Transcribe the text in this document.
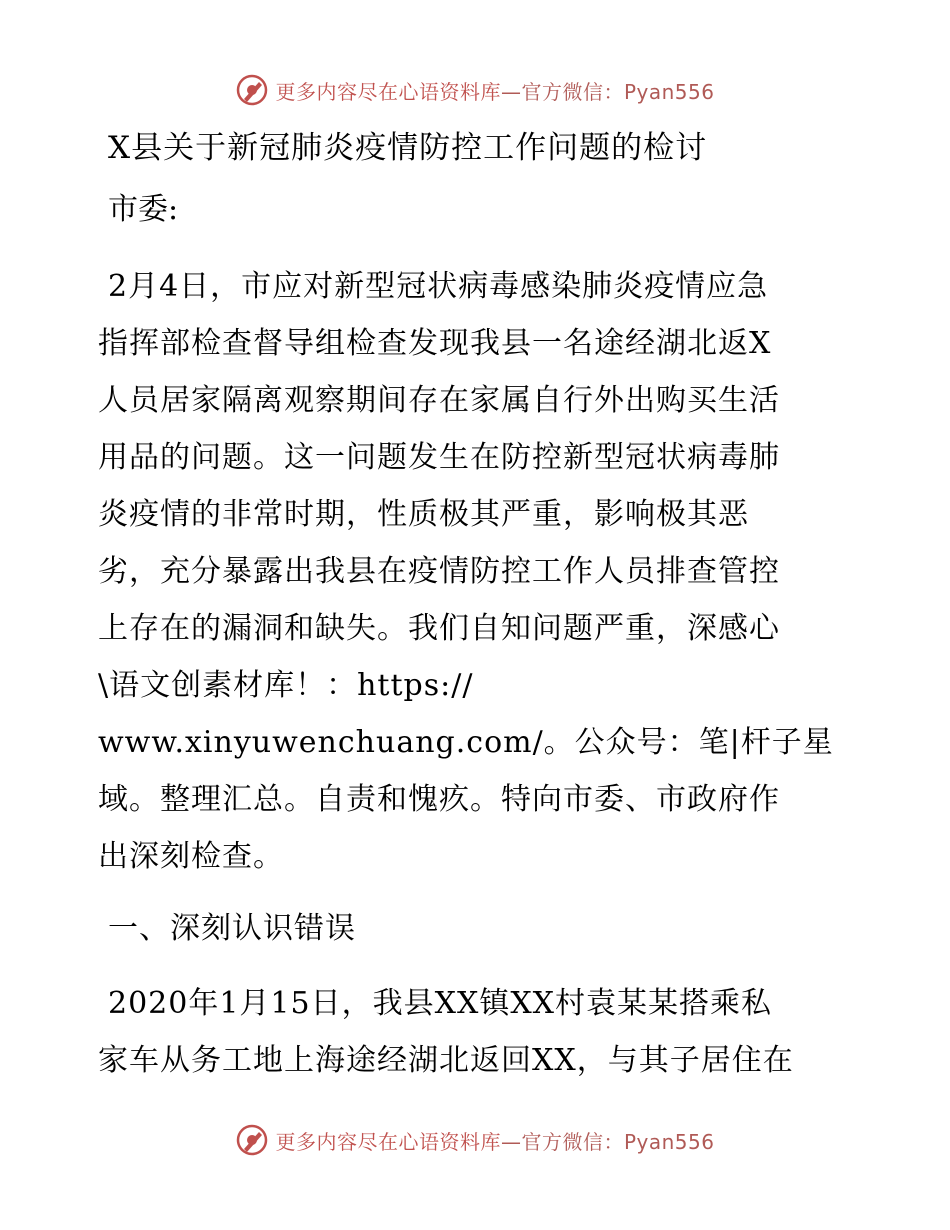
更多内容尽在心语资料库—官方微信：Pyan556
X县关于新冠肺炎疫情防控工作问题的检讨
市委:
2月4日，市应对新型冠状病毒感染肺炎疫情应急
指挥部检查督导组检查发现我县一名途经湖北返X
人员居家隔离观察期间存在家属自行外出购买生活
用品的问题。这一问题发生在防控新型冠状病毒肺
炎疫情的非常时期，性质极其严重，影响极其恶
劣，充分暴露出我县在疫情防控工作人员排查管控
上存在的漏洞和缺失。我们自知问题严重，深感心
\语文创素材库！：https://
www.xinyuwenchuang.com/。公众号：笔|杆子星
域。整理汇总。自责和愧疚。特向市委、市政府作
出深刻检查。
一、深刻认识错误
2020年1月15日，我县XX镇XX村袁某某搭乘私
家车从务工地上海途经湖北返回XX，与其子居住在
更多内容尽在心语资料库—官方微信：Pyan556
